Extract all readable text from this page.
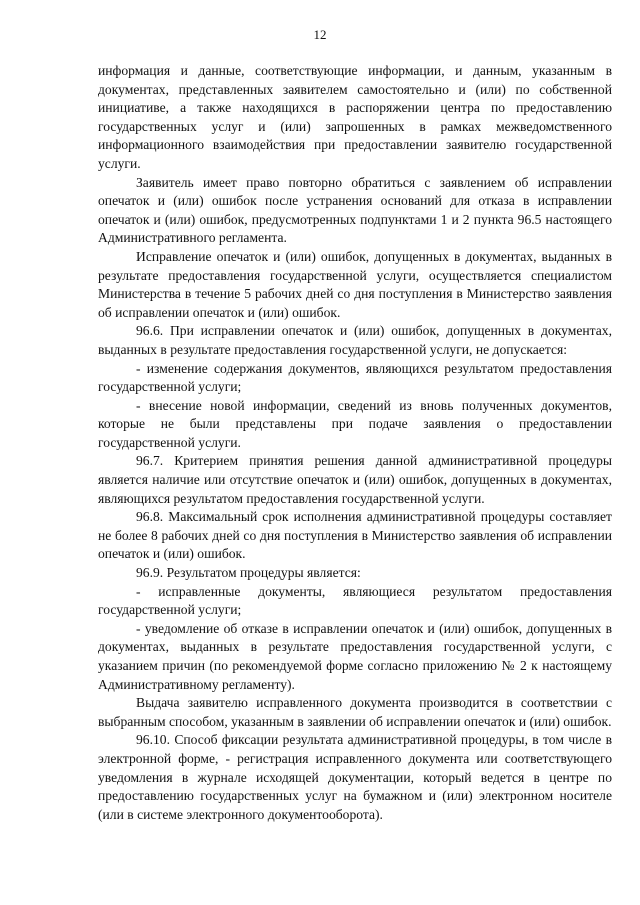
12

информация и данные, соответствующие информации, и данным, указанным в документах, представленных заявителем самостоятельно и (или) по собственной инициативе, а также находящихся в распоряжении центра по предоставлению государственных услуг и (или) запрошенных в рамках межведомственного информационного взаимодействия при предоставлении заявителю государственной услуги.

Заявитель имеет право повторно обратиться с заявлением об исправлении опечаток и (или) ошибок после устранения оснований для отказа в исправлении опечаток и (или) ошибок, предусмотренных подпунктами 1 и 2 пункта 96.5 настоящего Административного регламента.

Исправление опечаток и (или) ошибок, допущенных в документах, выданных в результате предоставления государственной услуги, осуществляется специалистом Министерства в течение 5 рабочих дней со дня поступления в Министерство заявления об исправлении опечаток и (или) ошибок.

96.6. При исправлении опечаток и (или) ошибок, допущенных в документах, выданных в результате предоставления государственной услуги, не допускается:

- изменение содержания документов, являющихся результатом предоставления государственной услуги;

- внесение новой информации, сведений из вновь полученных документов, которые не были представлены при подаче заявления о предоставлении государственной услуги.

96.7. Критерием принятия решения данной административной процедуры является наличие или отсутствие опечаток и (или) ошибок, допущенных в документах, являющихся результатом предоставления государственной услуги.

96.8. Максимальный срок исполнения административной процедуры составляет не более 8 рабочих дней со дня поступления в Министерство заявления об исправлении опечаток и (или) ошибок.

96.9. Результатом процедуры является:

- исправленные документы, являющиеся результатом предоставления государственной услуги;

- уведомление об отказе в исправлении опечаток и (или) ошибок, допущенных в документах, выданных в результате предоставления государственной услуги, с указанием причин (по рекомендуемой форме согласно приложению № 2 к настоящему Административному регламенту).

Выдача заявителю исправленного документа производится в соответствии с выбранным способом, указанным в заявлении об исправлении опечаток и (или) ошибок.

96.10. Способ фиксации результата административной процедуры, в том числе в электронной форме, - регистрация исправленного документа или соответствующего уведомления в журнале исходящей документации, который ведется в центре по предоставлению государственных услуг на бумажном и (или) электронном носителе (или в системе электронного документооборота).
